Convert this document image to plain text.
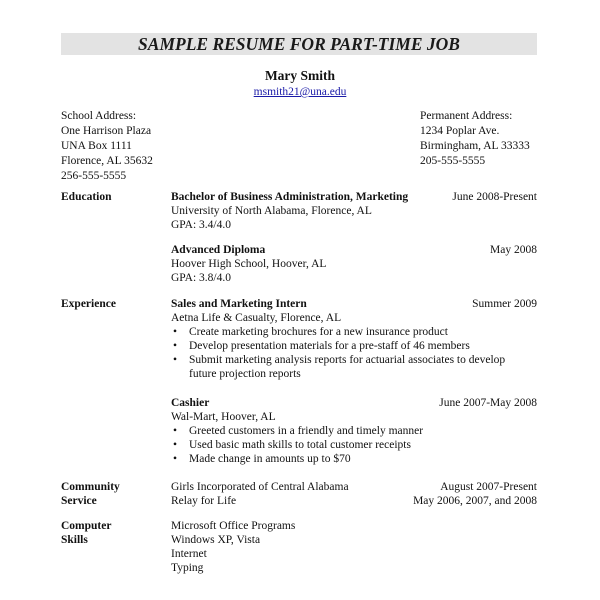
SAMPLE RESUME FOR PART-TIME JOB
Mary Smith
msmith21@una.edu
School Address:
One Harrison Plaza
UNA Box 1111
Florence, AL 35632
256-555-5555
Permanent Address:
1234 Poplar Ave.
Birmingham, AL 33333
205-555-5555
Education	Bachelor of Business Administration, Marketing	June 2008-Present
University of North Alabama, Florence, AL
GPA: 3.4/4.0
Advanced Diploma	May 2008
Hoover High School, Hoover, AL
GPA: 3.8/4.0
Experience	Sales and Marketing Intern	Summer 2009
Aetna Life & Casualty, Florence, AL
• Create marketing brochures for a new insurance product
• Develop presentation materials for a pre-staff of 46 members
• Submit marketing analysis reports for actuarial associates to develop future projection reports
Cashier	June 2007-May 2008
Wal-Mart, Hoover, AL
• Greeted customers in a friendly and timely manner
• Used basic math skills to total customer receipts
• Made change in amounts up to $70
Community
Service
Girls Incorporated of Central Alabama	August 2007-Present
Relay for Life	May 2006, 2007, and 2008
Computer
Skills
Microsoft Office Programs
Windows XP, Vista
Internet
Typing
